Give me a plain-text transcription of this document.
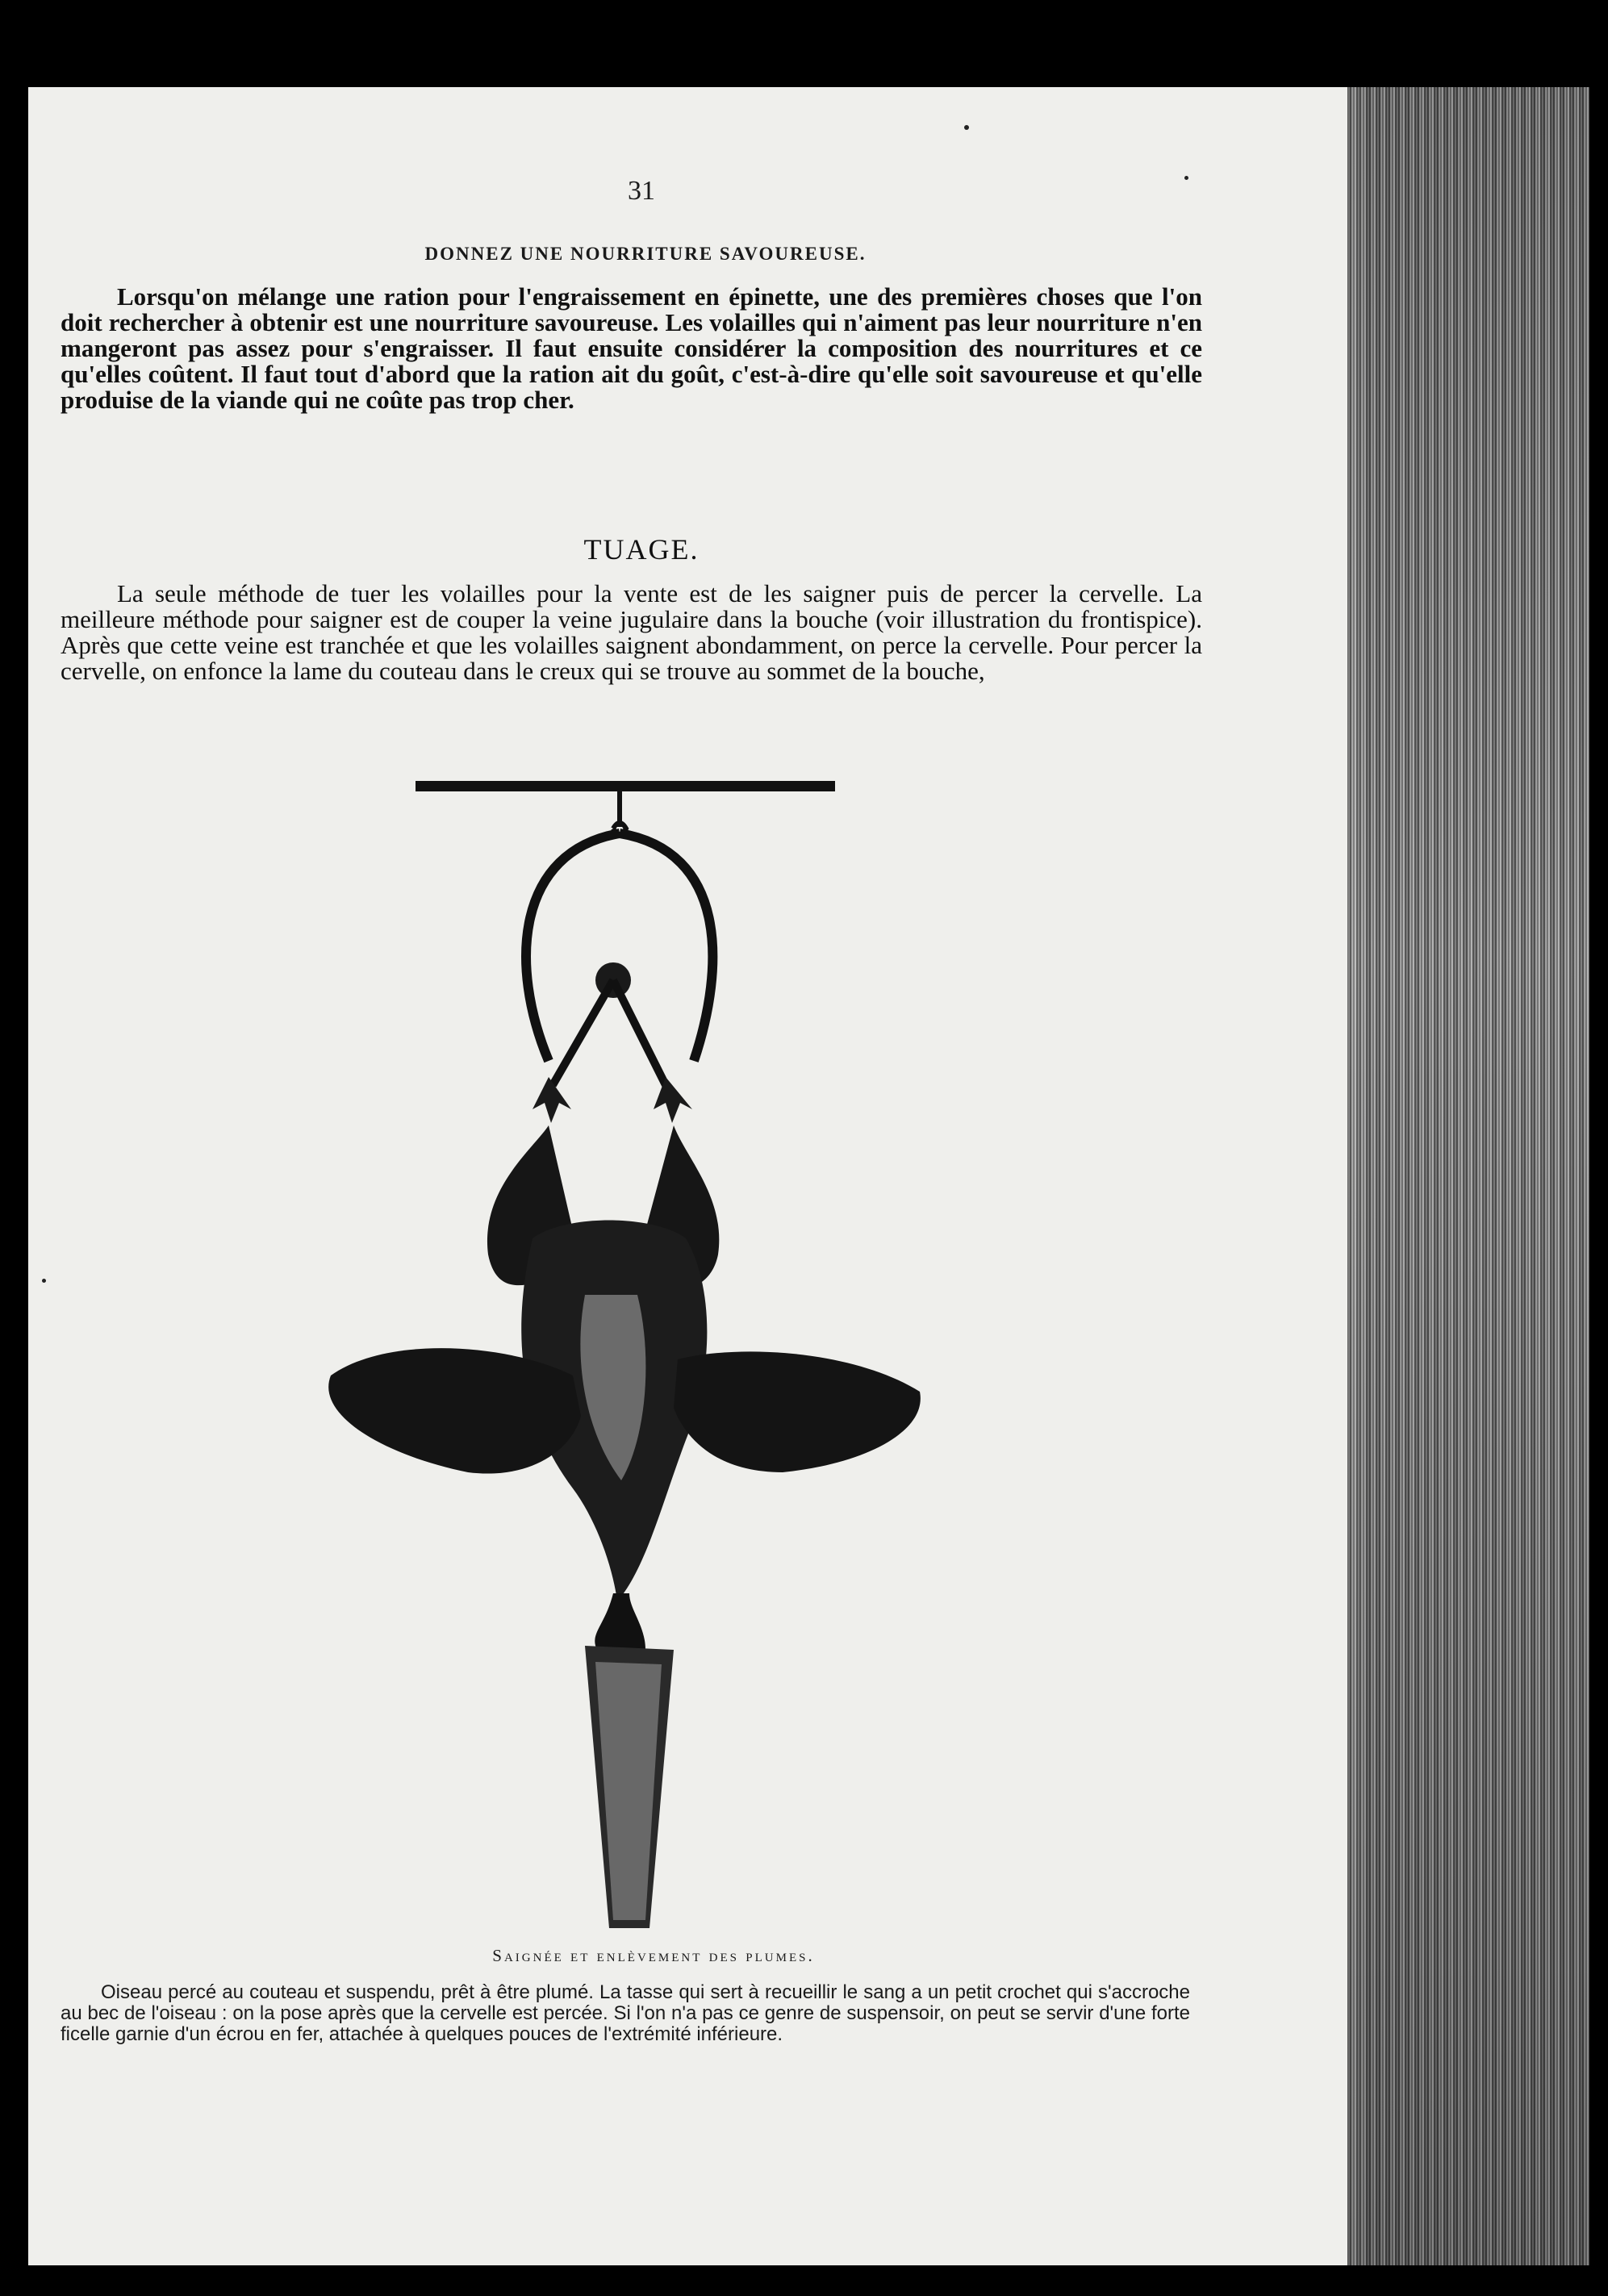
31
DONNEZ UNE NOURRITURE SAVOUREUSE.

Lorsqu'on mélange une ration pour l'engraissement en épinette, une des premières choses que l'on doit rechercher à obtenir est une nourriture savoureuse. Les volailles qui n'aiment pas leur nourriture n'en mangeront pas assez pour s'engraisser. Il faut ensuite considérer la composition des nourritures et ce qu'elles coûtent. Il faut tout d'abord que la ration ait du goût, c'est-à-dire qu'elle soit savoureuse et qu'elle produise de la viande qui ne coûte pas trop cher.

TUAGE.

La seule méthode de tuer les volailles pour la vente est de les saigner puis de percer la cervelle. La meilleure méthode pour saigner est de couper la veine jugulaire dans la bouche (voir illustration du frontispice). Après que cette veine est tranchée et que les volailles saignent abondamment, on perce la cervelle. Pour percer la cervelle, on enfonce la lame du couteau dans le creux qui se trouve au sommet de la bouche,

Saignée et enlèvement des plumes.

Oiseau percé au couteau et suspendu, prêt à être plumé. La tasse qui sert à recueillir le sang a un petit crochet qui s'accroche au bec de l'oiseau : on la pose après que la cervelle est percée. Si l'on n'a pas ce genre de suspensoir, on peut se servir d'une forte ficelle garnie d'un écrou en fer, attachée à quelques pouces de l'extrémité inférieure.
